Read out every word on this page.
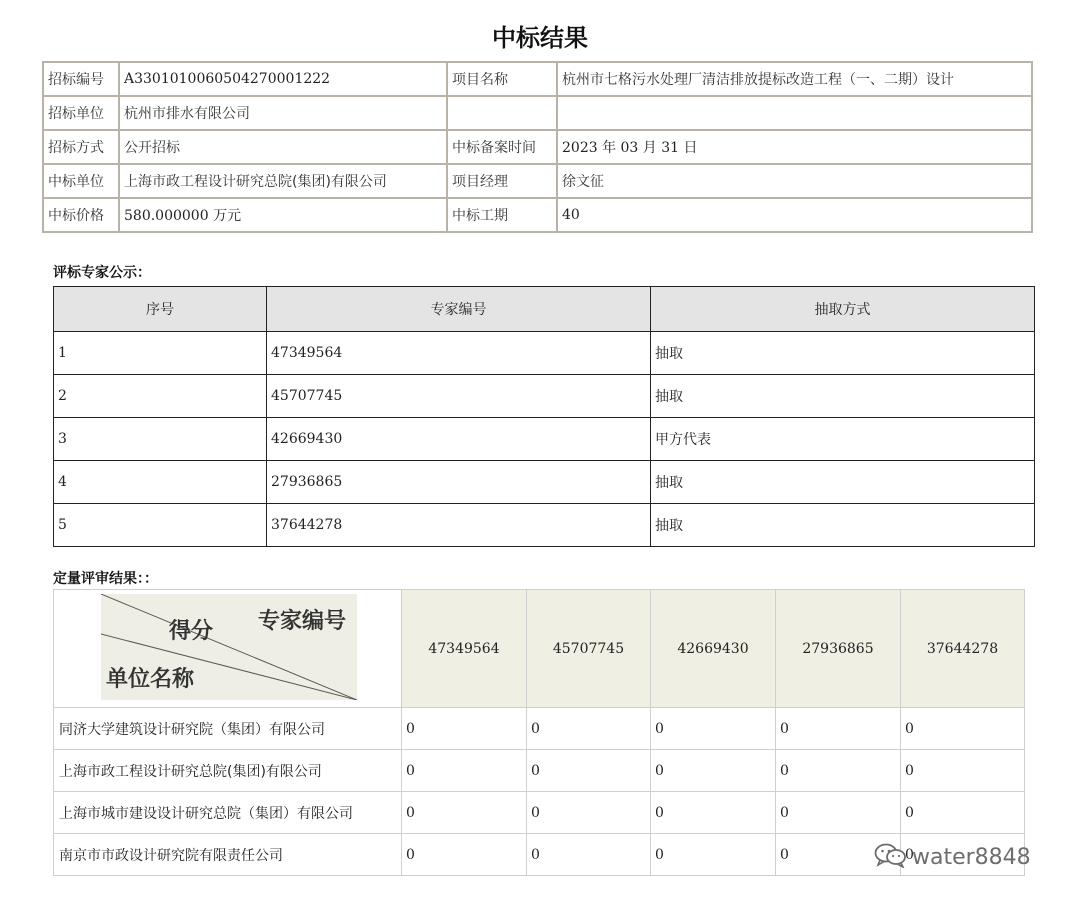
中标结果
招标编号	A3301010060504270001222	项目名称	杭州市七格污水处理厂清洁排放提标改造工程（一、二期）设计
招标单位	杭州市排水有限公司		
招标方式	公开招标	中标备案时间	2023 年 03 月 31 日
中标单位	上海市政工程设计研究总院(集团)有限公司	项目经理	徐文征
中标价格	580.000000 万元	中标工期	40
评标专家公示：
序号	专家编号	抽取方式
1	47349564	抽取
2	45707745	抽取
3	42669430	甲方代表
4	27936865	抽取
5	37644278	抽取
定量评审结果：：
得分 专家编号
单位名称	47349564	45707745	42669430	27936865	37644278
同济大学建筑设计研究院（集团）有限公司	0	0	0	0	0
上海市政工程设计研究总院(集团)有限公司	0	0	0	0	0
上海市城市建设设计研究总院（集团）有限公司	0	0	0	0	0
南京市市政设计研究院有限责任公司	0	0	0	0	0
water8848
